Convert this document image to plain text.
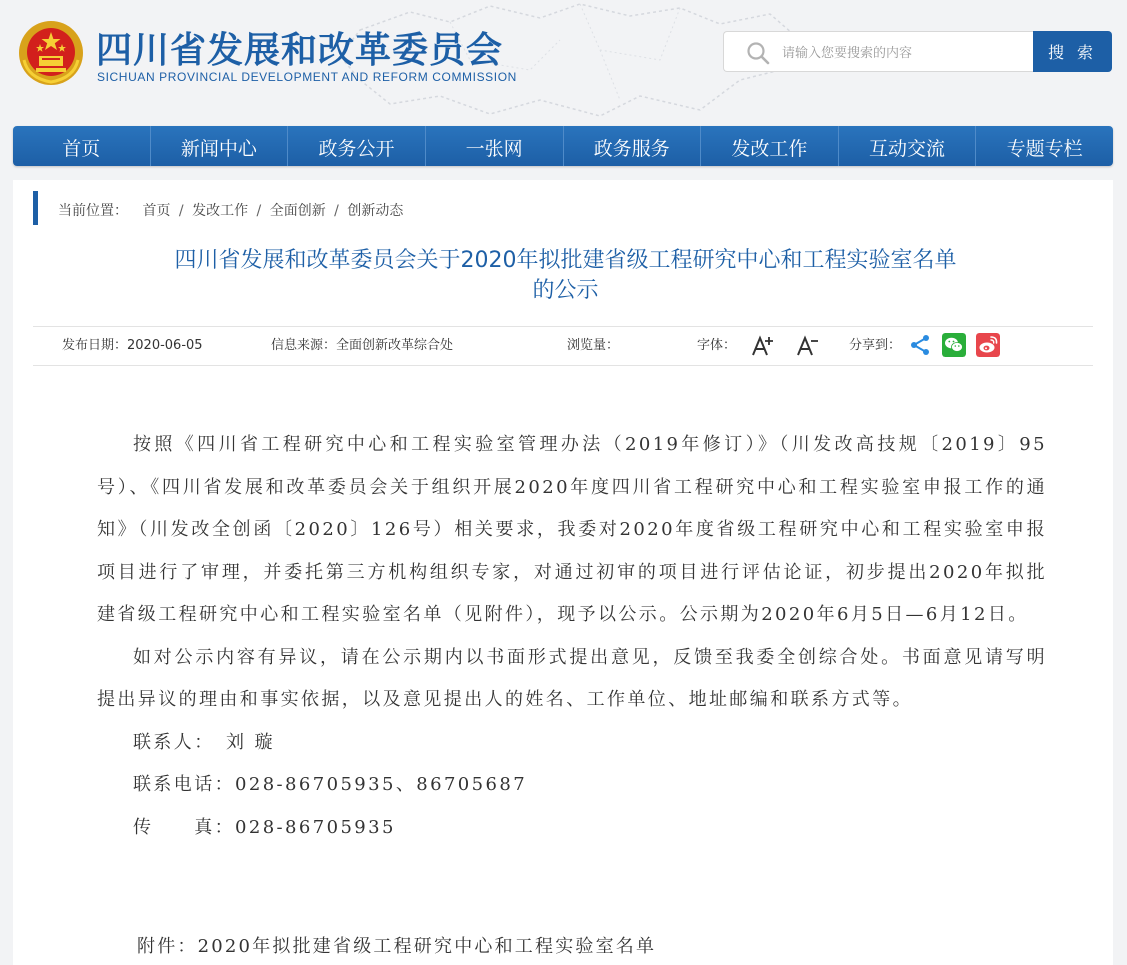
四川省发展和改革委员会
SICHUAN PROVINCIAL DEVELOPMENT AND REFORM COMMISSION
请输入您要搜索的内容
搜 索
首页	新闻中心	政务公开	一张网	政务服务	发改工作	互动交流	专题专栏
当前位置： 首页 / 发改工作 / 全面创新 / 创新动态
四川省发展和改革委员会关于2020年拟批建省级工程研究中心和工程实验室名单
的公示
发布日期：2020-06-05	信息来源：全面创新改革综合处	浏览量：	字体：	分享到：

按照《四川省工程研究中心和工程实验室管理办法（2019年修订）》（川发改高技规〔2019〕95号）、《四川省发展和改革委员会关于组织开展2020年度四川省工程研究中心和工程实验室申报工作的通知》（川发改全创函〔2020〕126号）相关要求，我委对2020年度省级工程研究中心和工程实验室申报项目进行了审理，并委托第三方机构组织专家，对通过初审的项目进行评估论证，初步提出2020年拟批建省级工程研究中心和工程实验室名单（见附件），现予以公示。公示期为2020年6月5日—6月12日。

如对公示内容有异议，请在公示期内以书面形式提出意见，反馈至我委全创综合处。书面意见请写明提出异议的理由和事实依据，以及意见提出人的姓名、工作单位、地址邮编和联系方式等。

联系人：　刘 璇
联系电话：028-86705935、86705687
传　　真：028-86705935
附件：2020年拟批建省级工程研究中心和工程实验室名单
